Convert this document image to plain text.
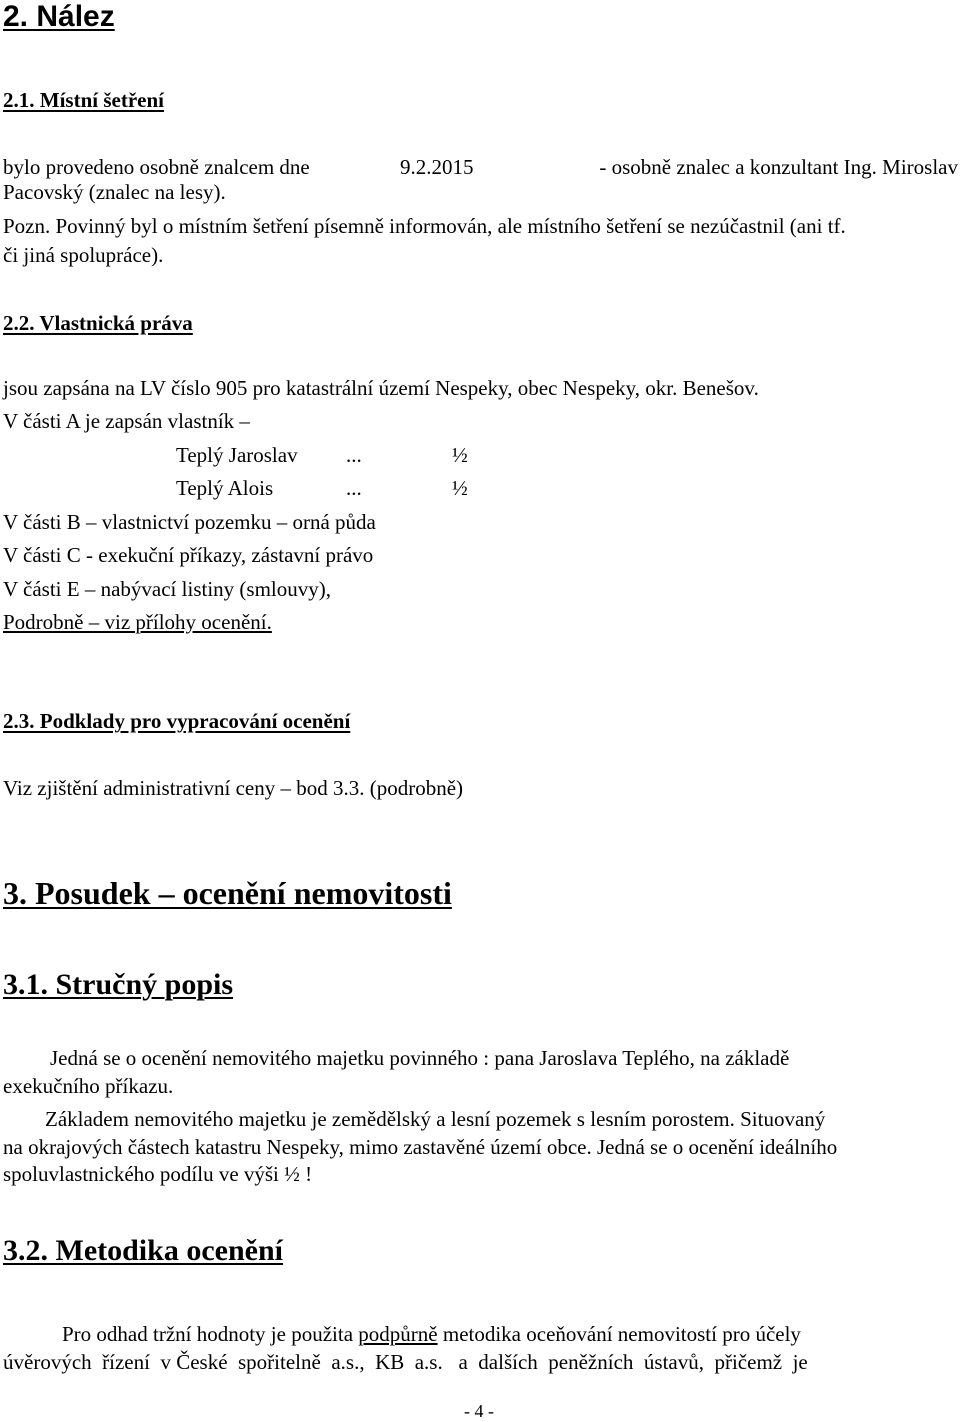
2. Nález
2.1. Místní šetření
bylo provedeno osobně znalcem dne	9.2.2015	- osobně znalec a konzultant Ing. Miroslav

Pacovský (znalec na lesy).

Pozn. Povinný byl o místním šetření písemně informován, ale místního šetření se nezúčastnil (ani tf.

či jiná spolupráce).

2.2. Vlastnická práva

jsou zapsána na LV číslo 905 pro katastrální území Nespeky, obec Nespeky, okr. Benešov.

V části A je zapsán vlastník –

Teplý Jaroslav ...	½
Teplý Alois	...	½

V části B – vlastnictví pozemku – orná půda

V části C - exekuční příkazy, zástavní právo

V části E – nabývací listiny (smlouvy),

Podrobně – viz přílohy ocenění.

2.3. Podklady pro vypracování ocenění

Viz zjištění administrativní ceny – bod 3.3. (podrobně)

3. Posudek – ocenění nemovitosti
3.1. Stručný popis

Jedná se o ocenění nemovitého majetku povinného : pana Jaroslava Teplého, na základě

exekučního příkazu.

Základem nemovitého majetku je zemědělský a lesní pozemek s lesním porostem. Situovaný

na okrajových částech katastru Nespeky, mimo zastavěné území obce. Jedná se o ocenění ideálního

spoluvlastnického podílu ve výši ½ !

3.2. Metodika ocenění

Pro odhad tržní hodnoty je použita podpůrně metodika oceňování nemovitostí pro účely

úvěrových  řízení  v České  spořitelně  a.s.,  KB  a.s.   a  dalších  peněžních  ústavů,  přičemž  je

- 4 -
